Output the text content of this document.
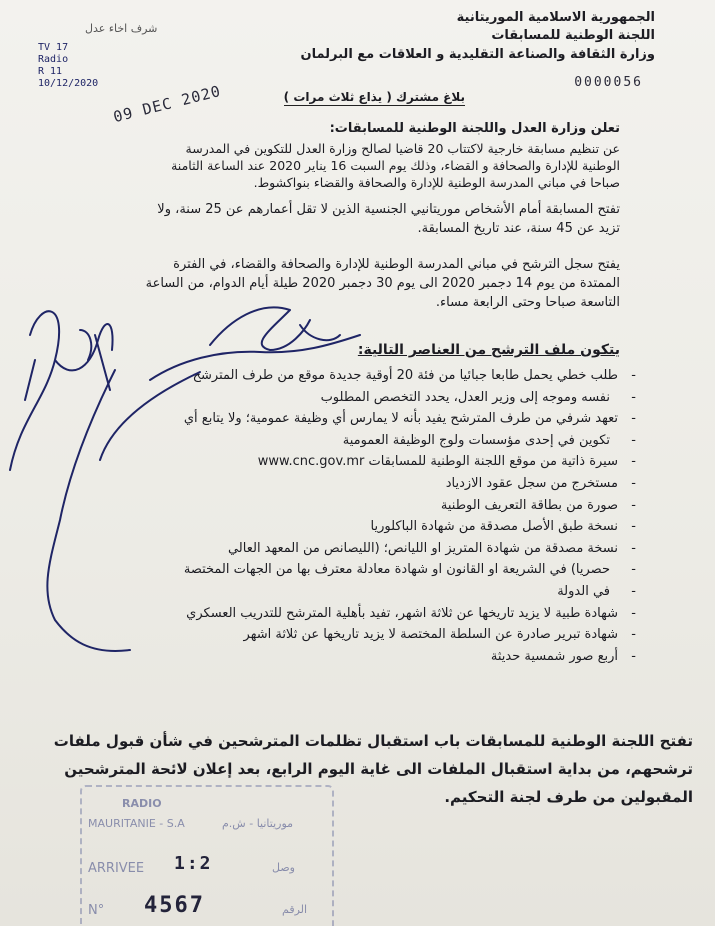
شرف اخاء عدل
TV 17
Radio
R 11
10/12/2020
الجمهورية الاسلامية الموريتانية
اللجنة الوطنية للمسابقات
وزارة الثقافة والصناعة التقليدية و العلاقات مع البرلمان
0000056
بلاغ مشترك ( يذاع ثلاث مرات )
09 DEC 2020
تعلن وزارة العدل واللجنة الوطنية للمسابقات:
عن تنظيم مسابقة خارجية لاكتتاب 20 قاضيا لصالح وزارة العدل للتكوين في المدرسة
الوطنية للإدارة والصحافة و القضاء، وذلك يوم السبت 16 يناير 2020 عند الساعة الثامنة
صباحا في مباني المدرسة الوطنية للإدارة والصحافة والقضاء بنواكشوط.
تفتح المسابقة أمام الأشخاص موريتانيي الجنسية الذين لا تقل أعمارهم عن 25 سنة، ولا
تزيد عن 45 سنة، عند تاريخ المسابقة.
يفتح سجل الترشح في مباني المدرسة الوطنية للإدارة والصحافة والقضاء، في الفترة
الممتدة من يوم 14 دجمبر 2020 الى يوم 30 دجمبر 2020 طيلة أيام الدوام، من الساعة
التاسعة صباحا وحتى الرابعة مساء.
يتكون ملف الترشح من العناصر التالية:
- طلب خطي يحمل طابعا جبائيا من فئة 20 أوقية جديدة موقع من طرف المترشح
- نفسه وموجه إلى وزير العدل، يحدد التخصص المطلوب
- تعهد شرفي من طرف المترشح يفيد بأنه لا يمارس أي وظيفة عمومية؛ ولا يتابع أي
- تكوين في إحدى مؤسسات ولوج الوظيفة العمومية
- سيرة ذاتية من موقع اللجنة الوطنية للمسابقات www.cnc.gov.mr
- مستخرج من سجل عقود الازدياد
- صورة من بطاقة التعريف الوطنية
- نسخة طبق الأصل مصدقة من شهادة الباكلوريا
- نسخة مصدقة من شهادة المتريز او الليانص؛ (الليصانص من المعهد العالي
- حصريا) في الشريعة او القانون او شهادة معادلة معترف بها من الجهات المختصة
- في الدولة
- شهادة طبية لا يزيد تاريخها عن ثلاثة اشهر، تفيد بأهلية المترشح للتدريب العسكري
- شهادة تبرير صادرة عن السلطة المختصة لا يزيد تاريخها عن ثلاثة اشهر
- أربع صور شمسية حديثة
تفتح اللجنة الوطنية للمسابقات باب استقبال تظلمات المترشحين في شأن قبول ملفات
ترشحهم، من بداية استقبال الملفات الى غاية اليوم الرابع، بعد إعلان لائحة المترشحين
المقبولين من طرف لجنة التحكيم.
RADIO
MAURITANIE - S.A	موريتانيا - ش.م
ARRIVEE 1:2	وصل
N° 4567	الرقم
